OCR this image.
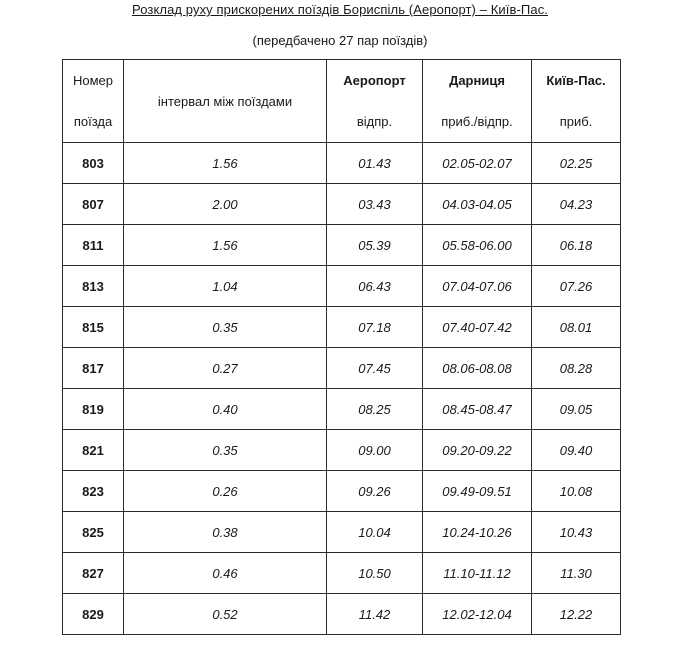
Розклад руху прискорених поїздів Бориспіль (Аеропорт) – Київ-Пас.
(передбачено 27 пар поїздів)
Номер	інтервал між поїздами	Аеропорт	Дарниця	Київ-Пас.
поїзда		відпр.	приб./відпр.	приб.
803	1.56	01.43	02.05-02.07	02.25
807	2.00	03.43	04.03-04.05	04.23
811	1.56	05.39	05.58-06.00	06.18
813	1.04	06.43	07.04-07.06	07.26
815	0.35	07.18	07.40-07.42	08.01
817	0.27	07.45	08.06-08.08	08.28
819	0.40	08.25	08.45-08.47	09.05
821	0.35	09.00	09.20-09.22	09.40
823	0.26	09.26	09.49-09.51	10.08
825	0.38	10.04	10.24-10.26	10.43
827	0.46	10.50	11.10-11.12	11.30
829	0.52	11.42	12.02-12.04	12.22
